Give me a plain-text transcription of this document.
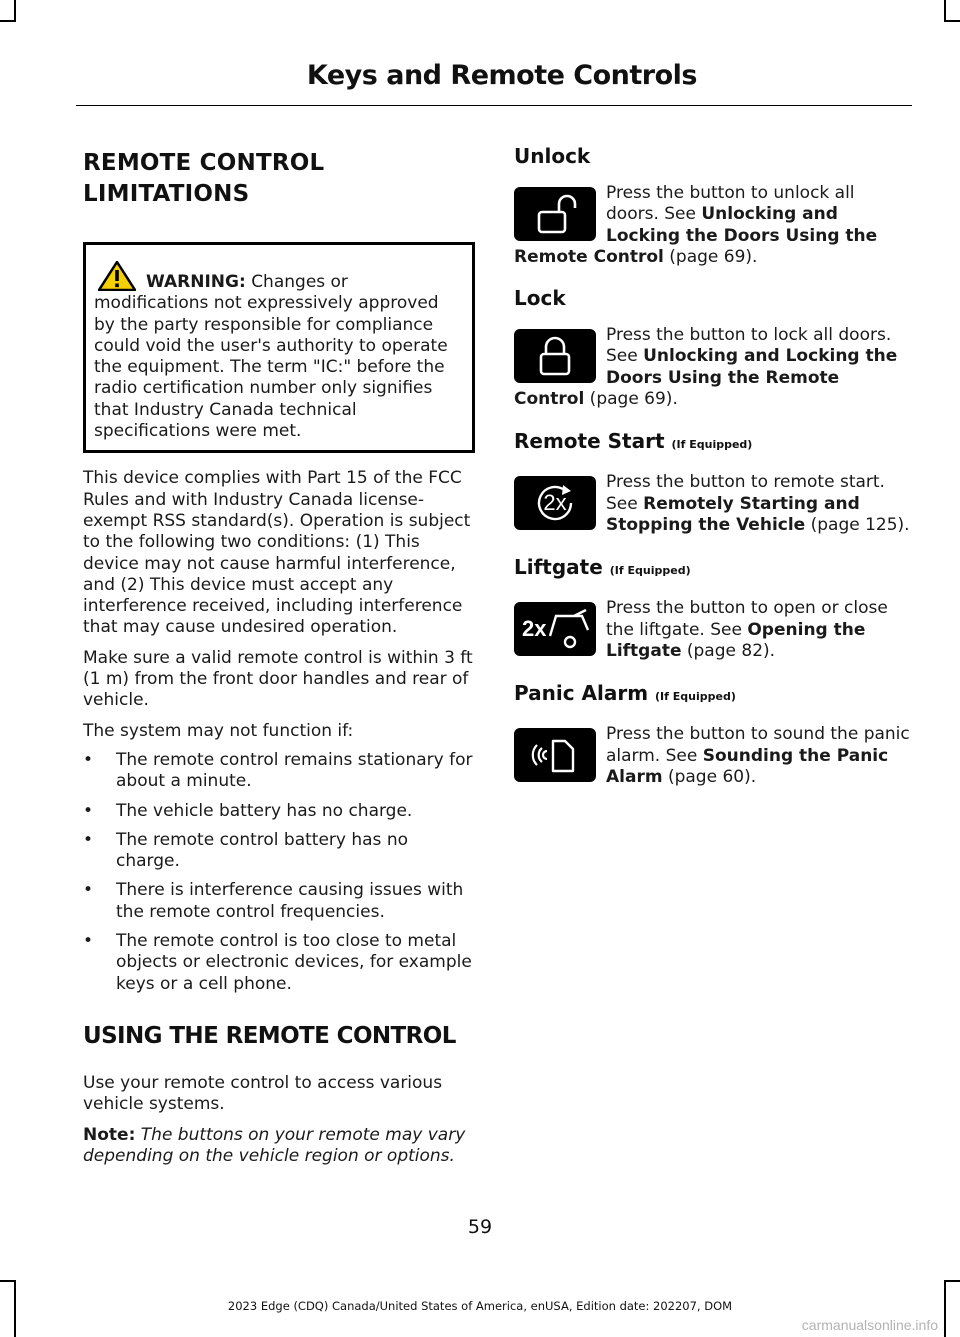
Keys and Remote Controls
REMOTE CONTROL
LIMITATIONS
WARNING: Changes or modifications not expressively approved by the party responsible for compliance could void the user's authority to operate the equipment. The term "IC:" before the radio certification number only signifies that Industry Canada technical specifications were met.

This device complies with Part 15 of the FCC Rules and with Industry Canada license-exempt RSS standard(s). Operation is subject to the following two conditions: (1) This device may not cause harmful interference, and (2) This device must accept any interference received, including interference that may cause undesired operation.

Make sure a valid remote control is within 3 ft (1 m) from the front door handles and rear of vehicle.

The system may not function if:

• The remote control remains stationary for about a minute.
• The vehicle battery has no charge.
• The remote control battery has no charge.
• There is interference causing issues with the remote control frequencies.
• The remote control is too close to metal objects or electronic devices, for example keys or a cell phone.
USING THE REMOTE CONTROL

Use your remote control to access various vehicle systems.

Note: The buttons on your remote may vary depending on the vehicle region or options.

Unlock
Press the button to unlock all doors. See Unlocking and Locking the Doors Using the Remote Control (page 69).
Lock
Press the button to lock all doors. See Unlocking and Locking the Doors Using the Remote Control (page 69).
Remote Start (If Equipped)
2x
Press the button to remote start. See Remotely Starting and Stopping the Vehicle (page 125).
Liftgate (If Equipped)
2x
Press the button to open or close the liftgate. See Opening the Liftgate (page 82).
Panic Alarm (If Equipped)
Press the button to sound the panic alarm. See Sounding the Panic Alarm (page 60).
59
2023 Edge (CDQ) Canada/United States of America, enUSA, Edition date: 202207, DOM
carmanualsonline.info
